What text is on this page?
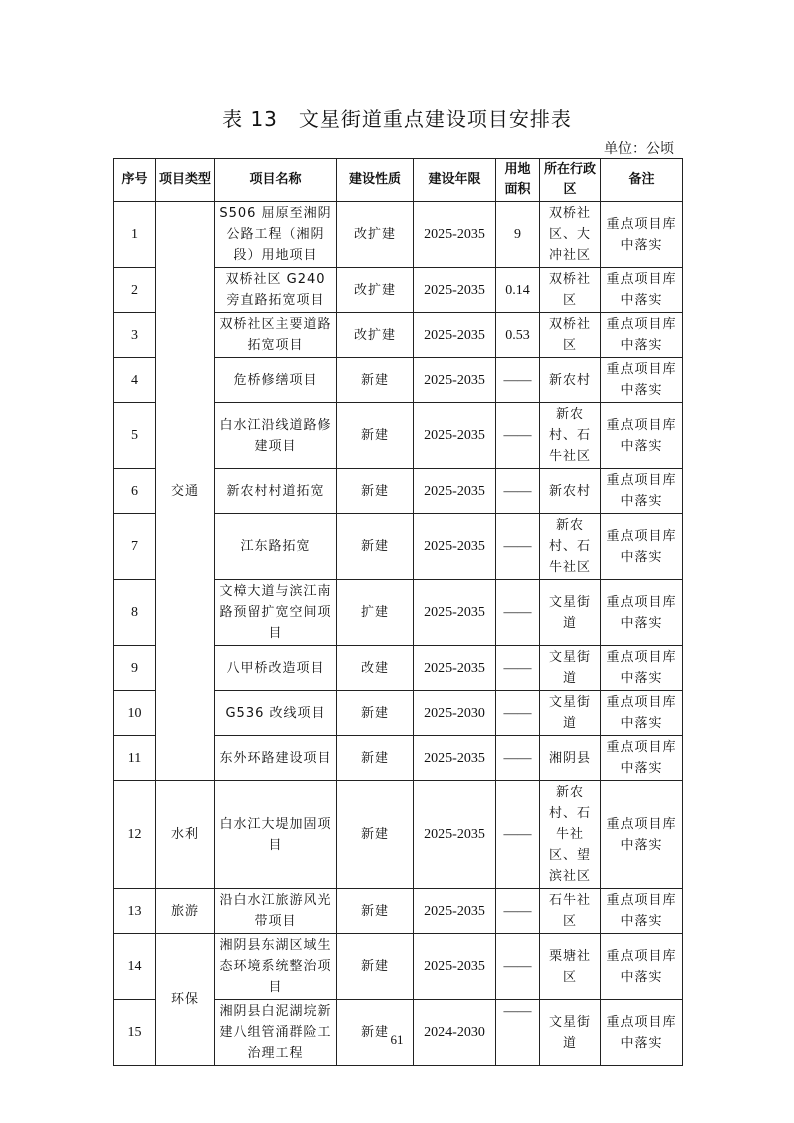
表 13　文星街道重点建设项目安排表
单位：公顷
序号	项目类型	项目名称	建设性质	建设年限	用地面积	所在行政区	备注
1	交通	S506 屈原至湘阴公路工程（湘阴段）用地项目	改扩建	2025-2035	9	双桥社区、大冲社区	重点项目库中落实
2		双桥社区 G240 旁直路拓宽项目	改扩建	2025-2035	0.14	双桥社区	重点项目库中落实
3		双桥社区主要道路拓宽项目	改扩建	2025-2035	0.53	双桥社区	重点项目库中落实
4		危桥修缮项目	新建	2025-2035	——	新农村	重点项目库中落实
5		白水江沿线道路修建项目	新建	2025-2035	——	新农村、石牛社区	重点项目库中落实
6		新农村村道拓宽	新建	2025-2035	——	新农村	重点项目库中落实
7		江东路拓宽	新建	2025-2035	——	新农村、石牛社区	重点项目库中落实
8		文樟大道与滨江南路预留扩宽空间项目	扩建	2025-2035	——	文星街道	重点项目库中落实
9		八甲桥改造项目	改建	2025-2035	——	文星街道	重点项目库中落实
10		G536 改线项目	新建	2025-2030	——	文星街道	重点项目库中落实
11		东外环路建设项目	新建	2025-2035	——	湘阴县	重点项目库中落实
12	水利	白水江大堤加固项目	新建	2025-2035	——	新农村、石牛社区、望滨社区	重点项目库中落实
13	旅游	沿白水江旅游风光带项目	新建	2025-2035	——	石牛社区	重点项目库中落实
14	环保	湘阴县东湖区域生态环境系统整治项目	新建	2025-2035	——	栗塘社区	重点项目库中落实
15		湘阴县白泥湖垸新建八组管涌群险工治理工程	新建	2024-2030	——	文星街道	重点项目库中落实
61
